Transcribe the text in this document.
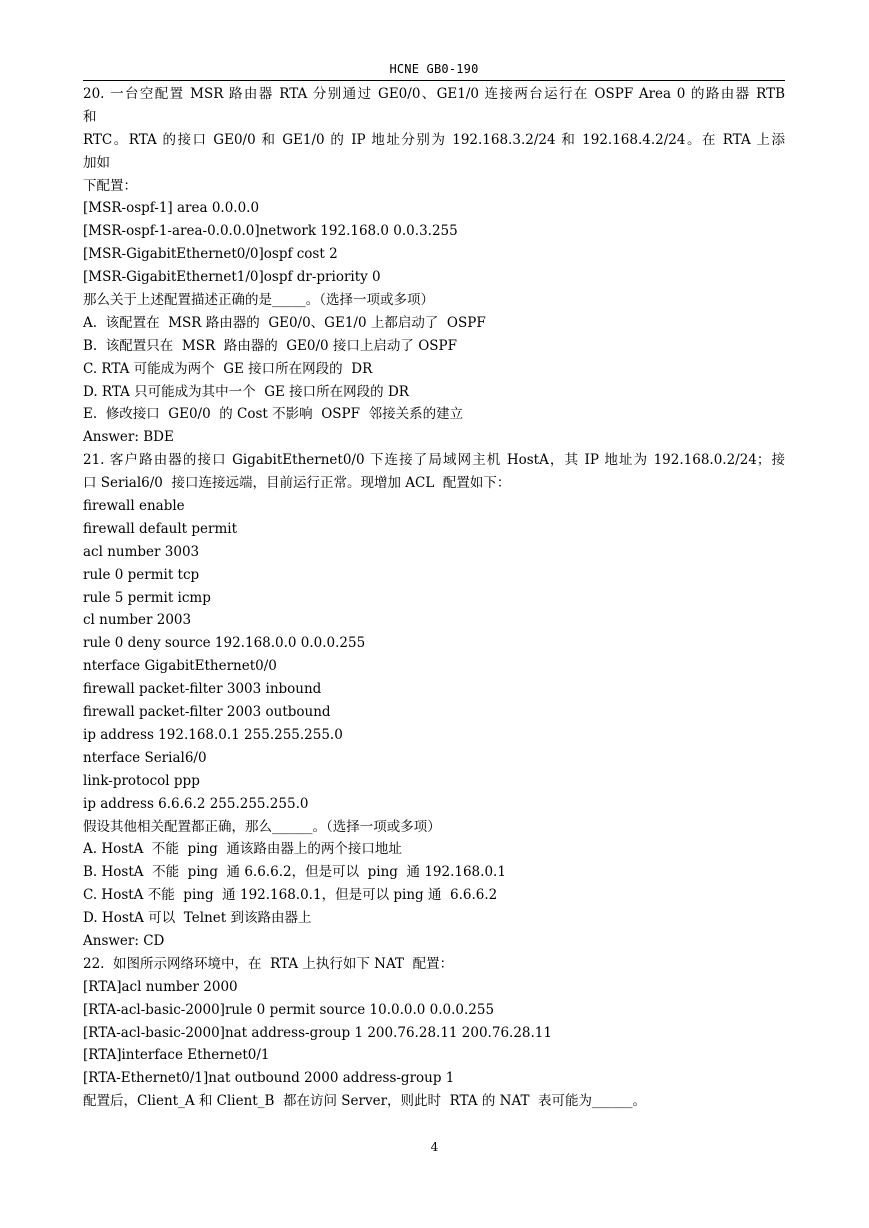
HCNE GB0-190
20. 一台空配置 MSR 路由器 RTA 分别通过 GE0/0、GE1/0 连接两台运行在 OSPF Area 0 的路由器 RTB
和
RTC。RTA 的接口 GE0/0 和 GE1/0 的 IP 地址分别为 192.168.3.2/24 和 192.168.4.2/24。在 RTA 上添
加如
下配置：
[MSR-ospf-1] area 0.0.0.0
[MSR-ospf-1-area-0.0.0.0]network 192.168.0 0.0.3.255
[MSR-GigabitEthernet0/0]ospf cost 2
[MSR-GigabitEthernet1/0]ospf dr-priority 0
那么关于上述配置描述正确的是_____。（选择一项或多项）
A.  该配置在  MSR 路由器的  GE0/0、GE1/0 上都启动了  OSPF
B.  该配置只在  MSR  路由器的  GE0/0 接口上启动了 OSPF
C. RTA 可能成为两个  GE 接口所在网段的  DR
D. RTA 只可能成为其中一个  GE 接口所在网段的 DR
E.  修改接口  GE0/0  的 Cost 不影响  OSPF  邻接关系的建立
Answer: BDE
21. 客户路由器的接口 GigabitEthernet0/0 下连接了局域网主机 HostA，其 IP 地址为 192.168.0.2/24；接
口 Serial6/0  接口连接远端，目前运行正常。现增加 ACL  配置如下：
firewall enable
firewall default permit
acl number 3003
rule 0 permit tcp
rule 5 permit icmp
cl number 2003
rule 0 deny source 192.168.0.0 0.0.0.255
nterface GigabitEthernet0/0
firewall packet-filter 3003 inbound
firewall packet-filter 2003 outbound
ip address 192.168.0.1 255.255.255.0
nterface Serial6/0
link-protocol ppp
ip address 6.6.6.2 255.255.255.0
假设其他相关配置都正确，那么______。（选择一项或多项）
A. HostA  不能  ping  通该路由器上的两个接口地址
B. HostA  不能  ping  通 6.6.6.2，但是可以  ping  通 192.168.0.1
C. HostA 不能  ping  通 192.168.0.1，但是可以 ping 通  6.6.6.2
D. HostA 可以  Telnet 到该路由器上
Answer: CD
22.  如图所示网络环境中，在  RTA 上执行如下 NAT  配置：
[RTA]acl number 2000
[RTA-acl-basic-2000]rule 0 permit source 10.0.0.0 0.0.0.255
[RTA-acl-basic-2000]nat address-group 1 200.76.28.11 200.76.28.11
[RTA]interface Ethernet0/1
[RTA-Ethernet0/1]nat outbound 2000 address-group 1
配置后，Client_A 和 Client_B  都在访问 Server，则此时  RTA 的 NAT  表可能为______。
4
